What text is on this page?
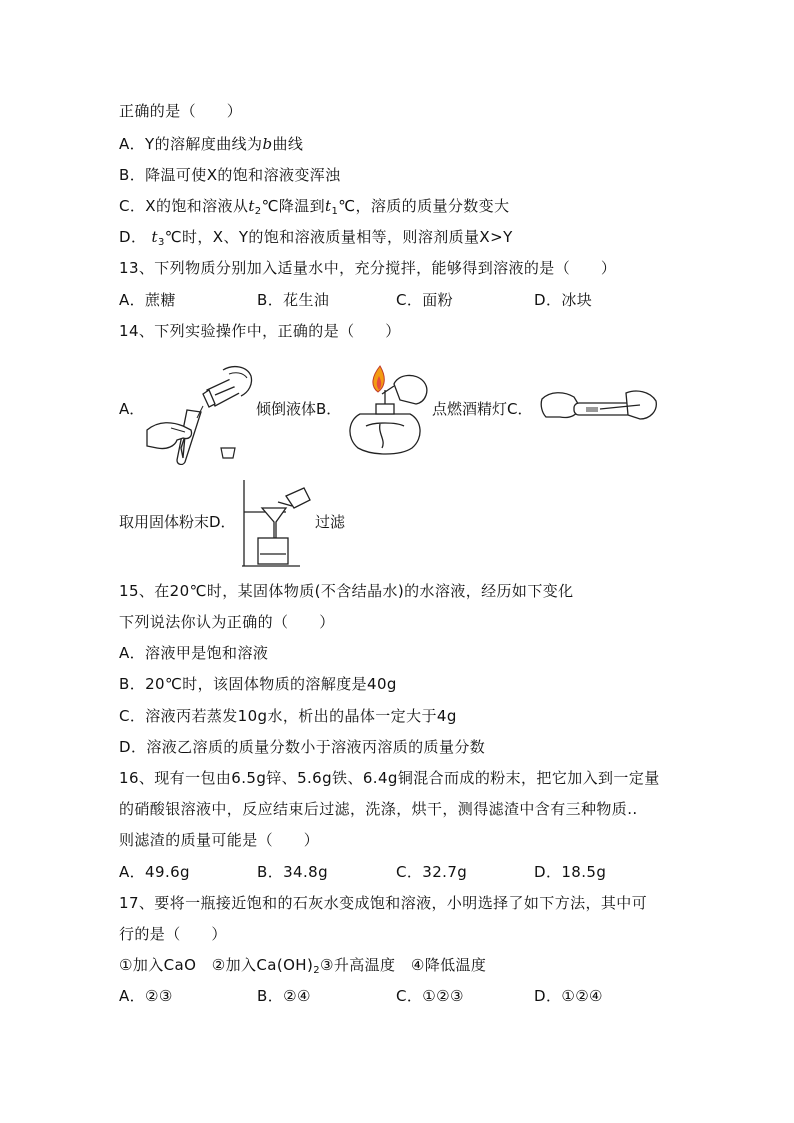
正确的是（　　）
A．Y的溶解度曲线为b曲线
B．降温可使X的饱和溶液变浑浊
C．X的饱和溶液从$t_2℃$降温到$t_1℃$，溶质的质量分数变大
D． $t_3℃$时，X、Y的饱和溶液质量相等，则溶剂质量X>Y
13、下列物质分别加入适量水中，充分搅拌，能够得到溶液的是（　　）
A．蔗糖	B．花生油	C．面粉	D．冰块
14、下列实验操作中，正确的是（　　）
A．	倾倒液体B．	点燃酒精灯C．
取用固体粉末D．	过滤
15、在20℃时，某固体物质(不含结晶水)的水溶液，经历如下变化
下列说法你认为正确的（　　）
A．溶液甲是饱和溶液
B．20℃时，该固体物质的溶解度是40g
C．溶液丙若蒸发10g水，析出的晶体一定大于4g
D．溶液乙溶质的质量分数小于溶液丙溶质的质量分数
16、现有一包由6.5g锌、5.6g铁、6.4g铜混合而成的粉末，把它加入到一定量
的硝酸银溶液中，反应结束后过滤，洗涤，烘干，测得滤渣中含有三种物质..
则滤渣的质量可能是（　　）
A．49.6g	B．34.8g	C．32.7g	D．18.5g
17、要将一瓶接近饱和的石灰水变成饱和溶液，小明选择了如下方法，其中可
行的是（　　）
①加入CaO　②加入$Ca(OH)_2③$升高温度　④降低温度
A．②③	B．②④	C．①②③	D．①②④
